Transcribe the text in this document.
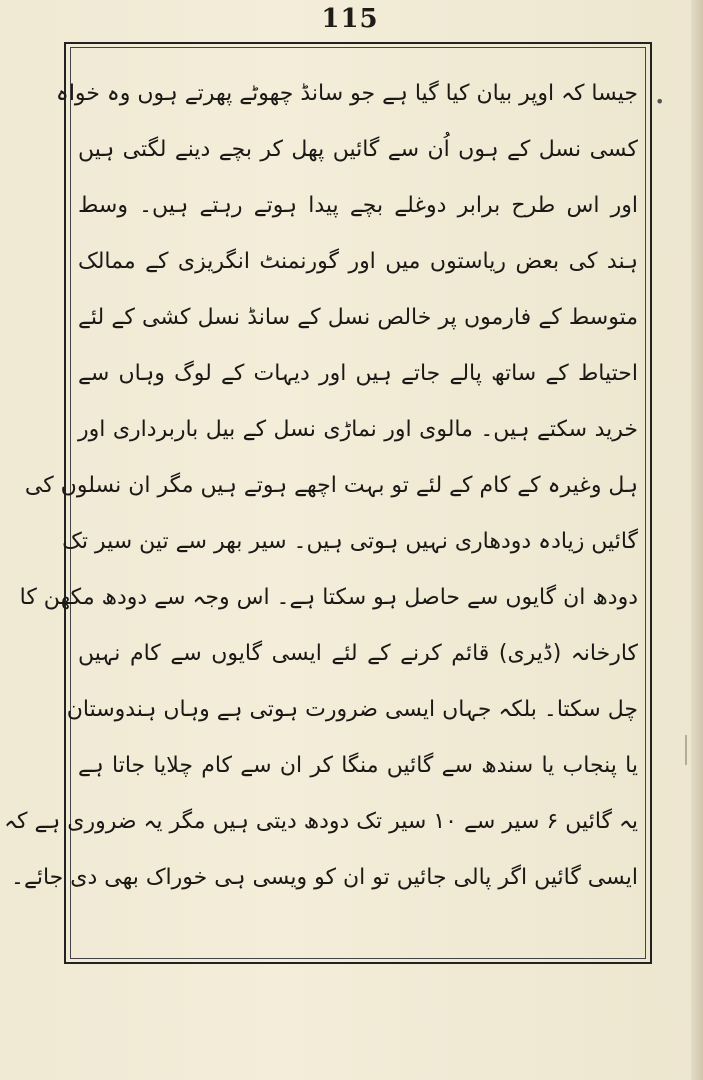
115
•
جیسا کہ اوپر بیان کیا گیا ہے جو سانڈ چھوٹے پھرتے ہوں وہ خواہ
کسی نسل کے ہوں اُن سے گائیں پھل کر بچے دینے لگتی ہیں
اور اس طرح برابر دوغلے بچے پیدا ہوتے رہتے ہیں۔ وسط
ہند کی بعض ریاستوں میں اور گورنمنٹ انگریزی کے ممالک
متوسط کے فارموں پر خالص نسل کے سانڈ نسل کشی کے لئے
احتیاط کے ساتھ پالے جاتے ہیں اور دیہات کے لوگ وہاں سے
خرید سکتے ہیں۔ مالوی اور نماڑی نسل کے بیل باربرداری اور
ہل وغیرہ کے کام کے لئے تو بہت اچھے ہوتے ہیں مگر ان نسلوں کی
گائیں زیادہ دودھاری نہیں ہوتی ہیں۔ سیر بھر سے تین سیر تک
دودھ ان گایوں سے حاصل ہو سکتا ہے۔ اس وجہ سے دودھ مکھن کا
کارخانہ (ڈیری) قائم کرنے کے لئے ایسی گایوں سے کام نہیں
چل سکتا۔ بلکہ جہاں ایسی ضرورت ہوتی ہے وہاں ہندوستان
یا پنجاب یا سندھ سے گائیں منگا کر ان سے کام چلایا جاتا ہے
یہ گائیں ۶ سیر سے ۱۰ سیر تک دودھ دیتی ہیں مگر یہ ضروری ہے کہ
ایسی گائیں اگر پالی جائیں تو ان کو ویسی ہی خوراک بھی دی جائے۔
